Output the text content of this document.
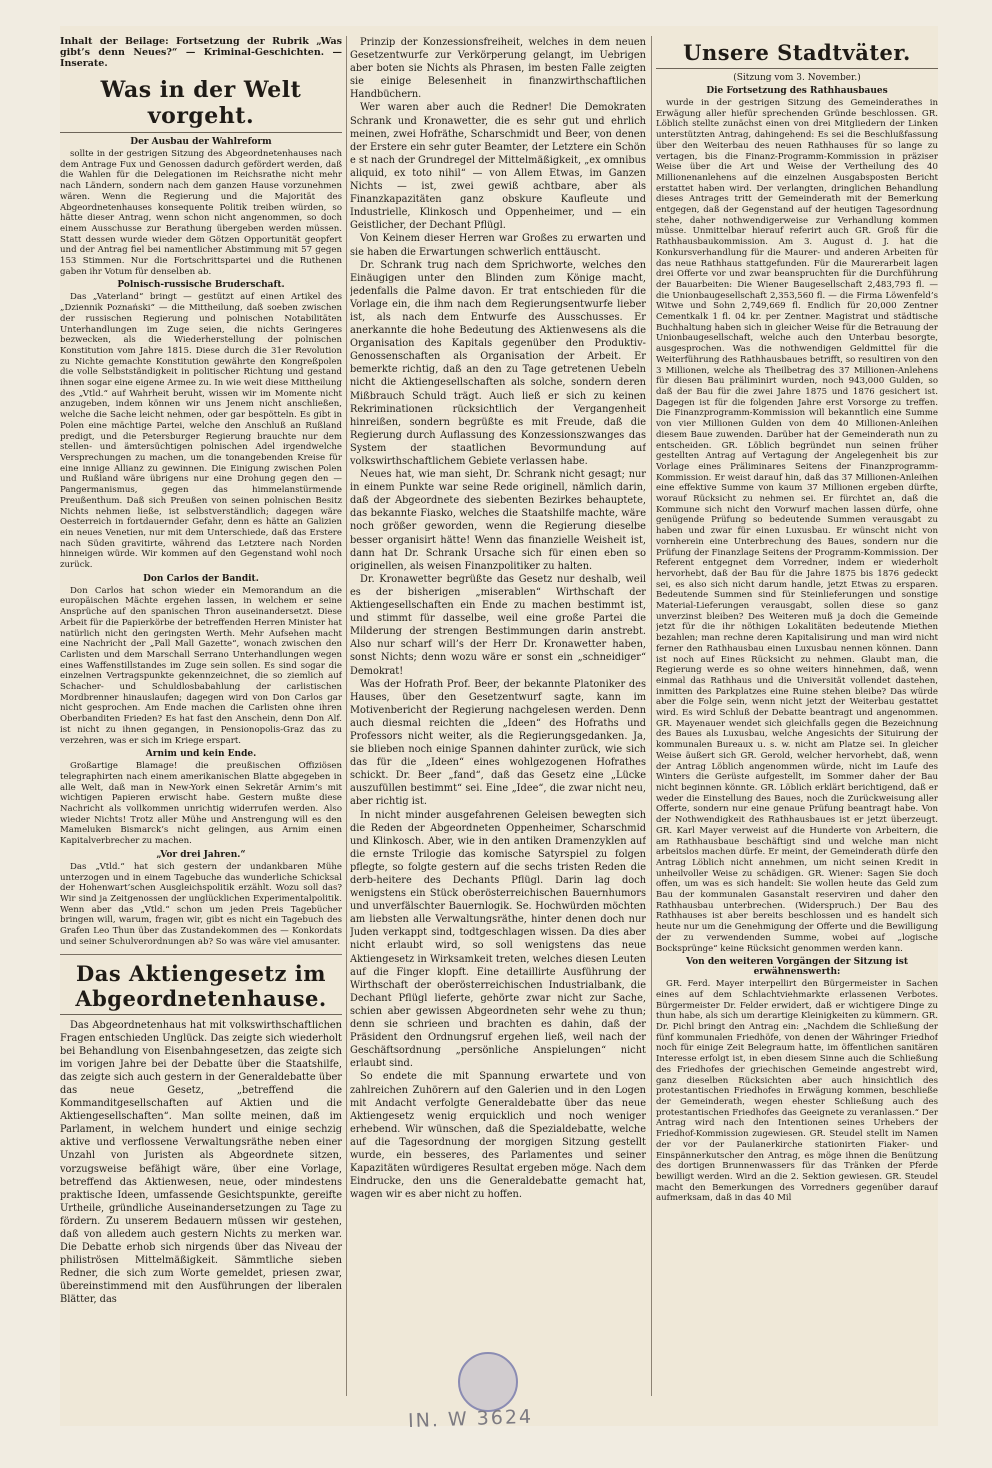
Inhalt der Beilage: Fortsetzung der Rubrik „Was gibt’s denn Neues?“ — Kriminal-Geschichten. — Inserate.
Was in der Welt vorgeht.
Der Ausbau der Wahlreform

sollte in der gestrigen Sitzung des Abgeordnetenhauses nach dem Antrage Fux und Genossen dadurch gefördert werden, daß die Wahlen für die Delegationen im Reichsrathe nicht mehr nach Ländern, sondern nach dem ganzen Hause vorzunehmen wären. Wenn die Regierung und die Majorität des Abgeordnetenhauses konsequente Politik treiben würden, so hätte dieser Antrag, wenn schon nicht angenommen, so doch einem Ausschusse zur Berathung übergeben werden müssen. Statt dessen wurde wieder dem Götzen Opportunität geopfert und der Antrag fiel bei namentlicher Abstimmung mit 57 gegen 153 Stimmen. Nur die Fortschrittspartei und die Ruthenen gaben ihr Votum für denselben ab.

Polnisch-russische Bruderschaft.

Das „Vaterland“ bringt — gestützt auf einen Artikel des „Dziennik Poznański“ — die Mittheilung, daß soeben zwischen der russischen Regierung und polnischen Notabilitäten Unterhandlungen im Zuge seien, die nichts Geringeres bezwecken, als die Wiederherstellung der polnischen Konstitution vom Jahre 1815. Diese durch die 31er Revolution zu Nichte gemachte Konstitution gewährte den Kongreßpolen die volle Selbstständigkeit in politischer Richtung und gestand ihnen sogar eine eigene Armee zu. In wie weit diese Mittheilung des „Vtld.“ auf Wahrheit beruht, wissen wir im Momente nicht anzugeben, indem können wir uns Jenem nicht anschließen, welche die Sache leicht nehmen, oder gar bespötteln. Es gibt in Polen eine mächtige Partei, welche den Anschluß an Rußland predigt, und die Petersburger Regierung brauchte nur dem stellen- und ämtersüchtigen polnischen Adel irgendwelche Versprechungen zu machen, um die tonangebenden Kreise für eine innige Allianz zu gewinnen. Die Einigung zwischen Polen und Rußland wäre übrigens nur eine Drohung gegen den — Pangermanismus, gegen das himmelanstürmende Preußenthum. Daß sich Preußen von seinen polnischen Besitz Nichts nehmen ließe, ist selbstverständlich; dagegen wäre Oesterreich in fortdauernder Gefahr, denn es hätte an Galizien ein neues Venetien, nur mit dem Unterschiede, daß das Erstere nach Süden gravitirte, während das Letztere nach Norden hinneigen würde. Wir kommen auf den Gegenstand wohl noch zurück.

Don Carlos der Bandit.

Don Carlos hat schon wieder ein Memorandum an die europäischen Mächte ergehen lassen, in welchem er seine Ansprüche auf den spanischen Thron auseinandersetzt. Diese Arbeit für die Papierkörbe der betreffenden Herren Minister hat natürlich nicht den geringsten Werth. Mehr Aufsehen macht eine Nachricht der „Pall Mall Gazette“, wonach zwischen den Carlisten und dem Marschall Serrano Unterhandlungen wegen eines Waffenstillstandes im Zuge sein sollen. Es sind sogar die einzelnen Vertragspunkte gekennzeichnet, die so ziemlich auf Schacher- und Schuldlosbabahlung der carlistischen Mordbrenner hinauslaufen; dagegen wird von Don Carlos gar nicht gesprochen. Am Ende machen die Carlisten ohne ihren Oberbanditen Frieden? Es hat fast den Anschein, denn Don Alf. ist nicht zu ihnen gegangen, in Pensionopolis-Graz das zu verzehren, was er sich im Kriege erspart.

Arnim und kein Ende.

Großartige Blamage! die preußischen Offiziösen telegraphirten nach einem amerikanischen Blatte abgegeben in alle Welt, daß man in New-York einen Sekretär Arnim’s mit wichtigen Papieren erwischt habe. Gestern mußte diese Nachricht als vollkommen unrichtig widerrufen werden. Also wieder Nichts! Trotz aller Mühe und Anstrengung will es den Mameluken Bismarck’s nicht gelingen, aus Arnim einen Kapitalverbrecher zu machen.

„Vor drei Jahren.“

Das „Vtld.“ hat sich gestern der undankbaren Mühe unterzogen und in einem Tagebuche das wunderliche Schicksal der Hohenwart’schen Ausgleichspolitik erzählt. Wozu soll das? Wir sind ja Zeitgenossen der unglücklichen Experimentalpolitik. Wenn aber das „Vtld.“ schon um jeden Preis Tagebücher bringen will, warum, fragen wir, gibt es nicht ein Tagebuch des Grafen Leo Thun über das Zustandekommen des — Konkordats und seiner Schulverordnungen ab? So was wäre viel amusanter.

Das Aktiengesetz im Abgeordnetenhause.

Das Abgeordnetenhaus hat mit volkswirthschaftlichen Fragen entschieden Unglück. Das zeigte sich wiederholt bei Behandlung von Eisenbahngesetzen, das zeigte sich im vorigen Jahre bei der Debatte über die Staatshilfe, das zeigte sich auch gestern in der Generaldebatte über das neue Gesetz, „betreffend die Kommanditgesellschaften auf Aktien und die Aktiengesellschaften“. Man sollte meinen, daß im Parlament, in welchem hundert und einige sechzig aktive und verflossene Verwaltungsräthe neben einer Unzahl von Juristen als Abgeordnete sitzen, vorzugsweise befähigt wäre, über eine Vorlage, betreffend das Aktienwesen, neue, oder mindestens praktische Ideen, umfassende Gesichtspunkte, gereifte Urtheile, gründliche Auseinandersetzungen zu Tage zu fördern. Zu unserem Bedauern müssen wir gestehen, daß von alledem auch gestern Nichts zu merken war. Die Debatte erhob sich nirgends über das Niveau der philiströsen Mittelmäßigkeit. Sämmtliche sieben Redner, die sich zum Worte gemeldet, priesen zwar, übereinstimmend mit den Ausführungen der liberalen Blätter, das

Prinzip der Konzessionsfreiheit, welches in dem neuen Gesetzentwurfe zur Verkörperung gelangt, im Uebrigen aber boten sie Nichts als Phrasen, im besten Falle zeigten sie einige Belesenheit in finanzwirthschaftlichen Handbüchern.

Wer waren aber auch die Redner! Die Demokraten Schrank und Kronawetter, die es sehr gut und ehrlich meinen, zwei Hofräthe, Scharschmidt und Beer, von denen der Erstere ein sehr guter Beamter, der Letztere ein Schön e st nach der Grundregel der Mittelmäßigkeit, „ex omnibus aliquid, ex toto nihil“ — von Allem Etwas, im Ganzen Nichts — ist, zwei gewiß achtbare, aber als Finanzkapazitäten ganz obskure Kaufleute und Industrielle, Klinkosch und Oppenheimer, und — ein Geistlicher, der Dechant Pflügl.

Von Keinem dieser Herren war Großes zu erwarten und sie haben die Erwartungen schwerlich enttäuscht.

Dr. Schrank trug nach dem Sprichworte, welches den Einäugigen unter den Blinden zum Könige macht, jedenfalls die Palme davon. Er trat entschieden für die Vorlage ein, die ihm nach dem Regierungsentwurfe lieber ist, als nach dem Entwurfe des Ausschusses. Er anerkannte die hohe Bedeutung des Aktienwesens als die Organisation des Kapitals gegenüber den Produktiv-Genossenschaften als Organisation der Arbeit. Er bemerkte richtig, daß an den zu Tage getretenen Uebeln nicht die Aktiengesellschaften als solche, sondern deren Mißbrauch Schuld trägt. Auch ließ er sich zu keinen Rekriminationen rücksichtlich der Vergangenheit hinreißen, sondern begrüßte es mit Freude, daß die Regierung durch Auflassung des Konzessionszwanges das System der staatlichen Bevormundung auf volkswirthschaftlichem Gebiete verlassen habe.

Neues hat, wie man sieht, Dr. Schrank nicht gesagt; nur in einem Punkte war seine Rede originell, nämlich darin, daß der Abgeordnete des siebenten Bezirkes behauptete, das bekannte Fiasko, welches die Staatshilfe machte, wäre noch größer geworden, wenn die Regierung dieselbe besser organisirt hätte! Wenn das finanzielle Weisheit ist, dann hat Dr. Schrank Ursache sich für einen eben so originellen, als weisen Finanzpolitiker zu halten.

Dr. Kronawetter begrüßte das Gesetz nur deshalb, weil es der bisherigen „miserablen“ Wirthschaft der Aktiengesellschaften ein Ende zu machen bestimmt ist, und stimmt für dasselbe, weil eine große Partei die Milderung der strengen Bestimmungen darin anstrebt. Also nur scharf will’s der Herr Dr. Kronawetter haben, sonst Nichts; denn wozu wäre er sonst ein „schneidiger“ Demokrat!

Was der Hofrath Prof. Beer, der bekannte Platoniker des Hauses, über den Gesetzentwurf sagte, kann im Motivenbericht der Regierung nachgelesen werden. Denn auch diesmal reichten die „Ideen“ des Hofraths und Professors nicht weiter, als die Regierungsgedanken. Ja, sie blieben noch einige Spannen dahinter zurück, wie sich das für die „Ideen“ eines wohlgezogenen Hofrathes schickt. Dr. Beer „fand“, daß das Gesetz eine „Lücke auszufüllen bestimmt“ sei. Eine „Idee“, die zwar nicht neu, aber richtig ist.

In nicht minder ausgefahrenen Geleisen bewegten sich die Reden der Abgeordneten Oppenheimer, Scharschmid und Klinkosch. Aber, wie in den antiken Dramenzyklen auf die ernste Trilogie das komische Satyrspiel zu folgen pflegte, so folgte gestern auf die sechs tristen Reden die derb-heitere des Dechants Pflügl. Darin lag doch wenigstens ein Stück oberösterreichischen Bauernhumors und unverfälschter Bauernlogik. Se. Hochwürden möchten am liebsten alle Verwaltungsräthe, hinter denen doch nur Juden verkappt sind, todtgeschlagen wissen. Da dies aber nicht erlaubt wird, so soll wenigstens das neue Aktiengesetz in Wirksamkeit treten, welches diesen Leuten auf die Finger klopft. Eine detaillirte Ausführung der Wirthschaft der oberösterreichischen Industrialbank, die Dechant Pflügl lieferte, gehörte zwar nicht zur Sache, schien aber gewissen Abgeordneten sehr wehe zu thun; denn sie schrieen und brachten es dahin, daß der Präsident den Ordnungsruf ergehen ließ, weil nach der Geschäftsordnung „persönliche Anspielungen“ nicht erlaubt sind.

So endete die mit Spannung erwartete und von zahlreichen Zuhörern auf den Galerien und in den Logen mit Andacht verfolgte Generaldebatte über das neue Aktiengesetz wenig erquicklich und noch weniger erhebend. Wir wünschen, daß die Spezialdebatte, welche auf die Tagesordnung der morgigen Sitzung gestellt wurde, ein besseres, des Parlamentes und seiner Kapazitäten würdigeres Resultat ergeben möge. Nach dem Eindrucke, den uns die Generaldebatte gemacht hat, wagen wir es aber nicht zu hoffen.

Unsere Stadtväter.
(Sitzung vom 3. November.)
Die Fortsetzung des Rathhausbaues

wurde in der gestrigen Sitzung des Gemeinderathes in Erwägung aller hiefür sprechenden Gründe beschlossen. GR. Löblich stellte zunächst einen von drei Mitgliedern der Linken unterstützten Antrag, dahingehend: Es sei die Beschlußfassung über den Weiterbau des neuen Rathhauses für so lange zu vertagen, bis die Finanz-Programm-Kommission in präziser Weise über die Art und Weise der Vertheilung des 40 Millionenanlehens auf die einzelnen Ausgabsposten Bericht erstattet haben wird. Der verlangten, dringlichen Behandlung dieses Antrages tritt der Gemeinderath mit der Bemerkung entgegen, daß der Gegenstand auf der heutigen Tagesordnung stehe, daher nothwendigerweise zur Verhandlung kommen müsse. Unmittelbar hierauf referirt auch GR. Groß für die Rathhausbaukommission. Am 3. August d. J. hat die Konkursverhandlung für die Maurer- und anderen Arbeiten für das neue Rathhaus stattgefunden. Für die Maurerarbeit lagen drei Offerte vor und zwar beanspruchten für die Durchführung der Bauarbeiten: Die Wiener Baugesellschaft 2,483,793 fl. — die Unionbaugesellschaft 2,353,560 fl. — die Firma Löwenfeld’s Witwe und Sohn 2,749,669 fl. Endlich für 20,000 Zentner Cementkalk 1 fl. 04 kr. per Zentner. Magistrat und städtische Buchhaltung haben sich in gleicher Weise für die Betrauung der Unionbaugesellschaft, welche auch den Unterbau besorgte, ausgesprochen. Was die nothwendigen Geldmittel für die Weiterführung des Rathhausbaues betrifft, so resultiren von den 3 Millionen, welche als Theilbetrag des 37 Millionen-Anlehens für diesen Bau präliminirt wurden, noch 943,000 Gulden, so daß der Bau für die zwei Jahre 1875 und 1876 gesichert ist. Dagegen ist für die folgenden Jahre erst Vorsorge zu treffen. Die Finanzprogramm-Kommission will bekanntlich eine Summe von vier Millionen Gulden von dem 40 Millionen-Anleihen diesem Baue zuwenden. Darüber hat der Gemeinderath nun zu entscheiden. GR. Löblich begründet nun seinen früher gestellten Antrag auf Vertagung der Angelegenheit bis zur Vorlage eines Präliminares Seitens der Finanzprogramm-Kommission. Er weist darauf hin, daß das 37 Millionen-Anleihen eine effektive Summe von kaum 37 Millionen ergeben dürfte, worauf Rücksicht zu nehmen sei. Er fürchtet an, daß die Kommune sich nicht den Vorwurf machen lassen dürfe, ohne genügende Prüfung so bedeutende Summen verausgabt zu haben und zwar für einen Luxusbau. Er wünscht nicht von vornherein eine Unterbrechung des Baues, sondern nur die Prüfung der Finanzlage Seitens der Programm-Kommission. Der Referent entgegnet dem Vorredner, indem er wiederholt hervorhebt, daß der Bau für die Jahre 1875 bis 1876 gedeckt sei, es also sich nicht darum handle, jetzt Etwas zu ersparen. Bedeutende Summen sind für Steinlieferungen und sonstige Material-Lieferungen verausgabt, sollen diese so ganz unverzinst bleiben? Des Weiteren muß ja doch die Gemeinde jetzt für die ihr nöthigen Lokalitäten bedeutende Miethen bezahlen; man rechne deren Kapitalisirung und man wird nicht ferner den Rathhausbau einen Luxusbau nennen können. Dann ist noch auf Eines Rücksicht zu nehmen. Glaubt man, die Regierung werde es so ohne weiters hinnehmen, daß, wenn einmal das Rathhaus und die Universität vollendet dastehen, inmitten des Parkplatzes eine Ruine stehen bleibe? Das würde aber die Folge sein, wenn nicht jetzt der Weiterbau gestattet wird. Es wird Schluß der Debatte beantragt und angenommen. GR. Mayenauer wendet sich gleichfalls gegen die Bezeichnung des Baues als Luxusbau, welche Angesichts der Situirung der kommunalen Bureaux u. s. w. nicht am Platze sei. In gleicher Weise äußert sich GR. Gerold, welcher hervorhebt, daß, wenn der Antrag Löblich angenommen würde, nicht im Laufe des Winters die Gerüste aufgestellt, im Sommer daher der Bau nicht beginnen könnte. GR. Löblich erklärt berichtigend, daß er weder die Einstellung des Baues, noch die Zurückweisung aller Offerte, sondern nur eine genaue Prüfung beantragt habe. Von der Nothwendigkeit des Rathhausbaues ist er jetzt überzeugt. GR. Karl Mayer verweist auf die Hunderte von Arbeitern, die am Rathhausbaue beschäftigt sind und welche man nicht arbeitslos machen dürfe. Er meint, der Gemeinderath dürfe den Antrag Löblich nicht annehmen, um nicht seinen Kredit in unheilvoller Weise zu schädigen. GR. Wiener: Sagen Sie doch offen, um was es sich handelt: Sie wollen heute das Geld zum Bau der kommunalen Gasanstalt reserviren und daher den Rathhausbau unterbrechen. (Widerspruch.) Der Bau des Rathhauses ist aber bereits beschlossen und es handelt sich heute nur um die Genehmigung der Offerte und die Bewilligung der zu verwendenden Summe, wobei auf „logische Bocksprünge“ keine Rücksicht genommen werden kann.

Von den weiteren Vorgängen der Sitzung ist erwähnenswerth:

GR. Ferd. Mayer interpellirt den Bürgermeister in Sachen eines auf dem Schlachtviehmarkte erlassenen Verbotes. Bürgermeister Dr. Felder erwidert, daß er wichtigere Dinge zu thun habe, als sich um derartige Kleinigkeiten zu kümmern. GR. Dr. Pichl bringt den Antrag ein: „Nachdem die Schließung der fünf kommunalen Friedhöfe, von denen der Währinger Friedhof noch für einige Zeit Belegraum hatte, im öffentlichen sanitären Interesse erfolgt ist, in eben diesem Sinne auch die Schließung des Friedhofes der griechischen Gemeinde angestrebt wird, ganz dieselben Rücksichten aber auch hinsichtlich des protestantischen Friedhofes in Erwägung kommen, beschließe der Gemeinderath, wegen ehester Schließung auch des protestantischen Friedhofes das Geeignete zu veranlassen.“ Der Antrag wird nach den Intentionen seines Urhebers der Friedhof-Kommission zugewiesen. GR. Steudel stellt im Namen der vor der Paulanerkirche stationirten Fiaker- und Einspännerkutscher den Antrag, es möge ihnen die Benützung des dortigen Brunnenwassers für das Tränken der Pferde bewilligt werden. Wird an die 2. Sektion gewiesen. GR. Steudel macht den Bemerkungen des Vorredners gegenüber darauf aufmerksam, daß in das 40 Mil

IN. W 3624
